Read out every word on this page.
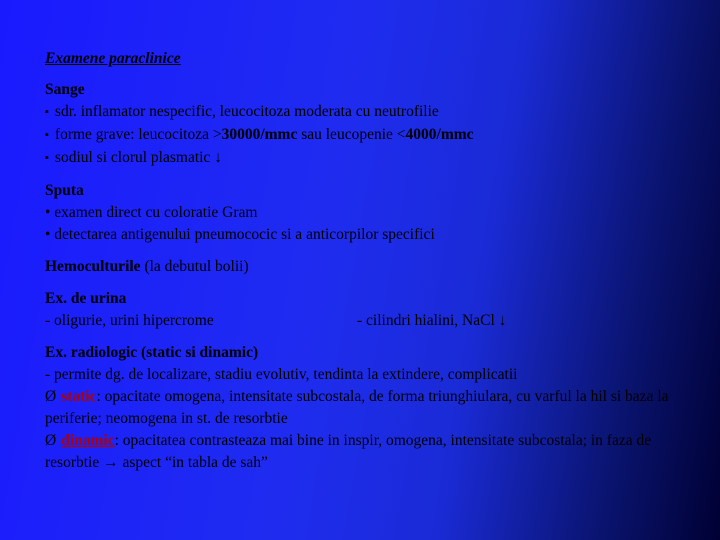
Examene paraclinice
Sange
▪ sdr. inflamator nespecific, leucocitoza moderata cu neutrofilie
▪ forme grave: leucocitoza >30000/mmc sau leucopenie <4000/mmc
▪ sodiul si clorul plasmatic ↓
Sputa
• examen direct cu coloratie Gram
• detectarea antigenului pneumococic si a anticorpilor specifici
Hemoculturile (la debutul bolii)
Ex. de urina
- oligurie, urini hipercrome	- cilindri hialini, NaCl ↓
Ex. radiologic (static si dinamic)
- permite dg. de localizare, stadiu evolutiv, tendinta la extindere, complicatii
Ø static: opacitate omogena, intensitate subcostala, de forma triunghiulara, cu varful la hil si baza la periferie; neomogena in st. de resorbtie
Ø dinamic: opacitatea contrasteaza mai bine in inspir, omogena, intensitate subcostala; in faza de resorbtie → aspect “in tabla de sah”
